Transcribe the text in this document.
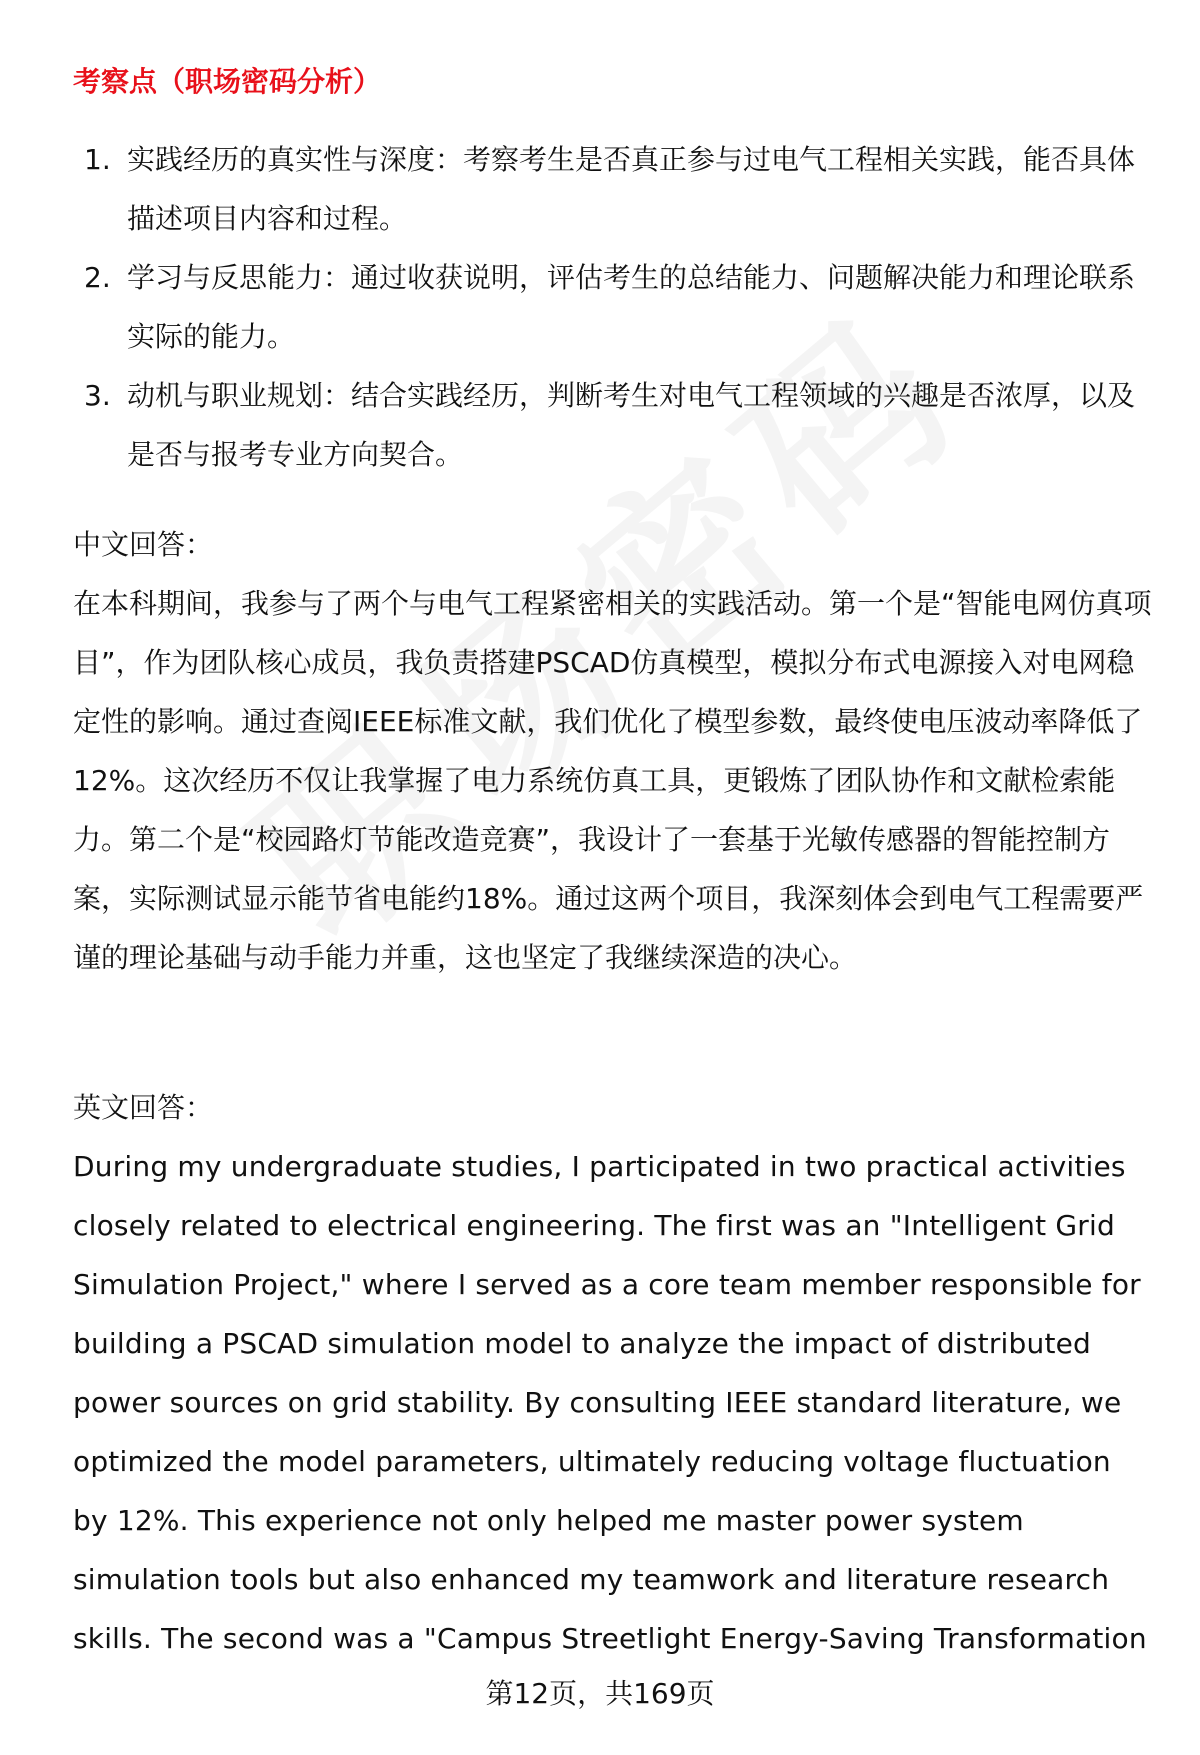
考察点（职场密码分析）
1. 实践经历的真实性与深度：考察考生是否真正参与过电气工程相关实践，能否具体描述项目内容和过程。
2. 学习与反思能力：通过收获说明，评估考生的总结能力、问题解决能力和理论联系实际的能力。
3. 动机与职业规划：结合实践经历，判断考生对电气工程领域的兴趣是否浓厚，以及是否与报考专业方向契合。
中文回答：
在本科期间，我参与了两个与电气工程紧密相关的实践活动。第一个是“智能电网仿真项目”，作为团队核心成员，我负责搭建PSCAD仿真模型，模拟分布式电源接入对电网稳定性的影响。通过查阅IEEE标准文献，我们优化了模型参数，最终使电压波动率降低了12%。这次经历不仅让我掌握了电力系统仿真工具，更锻炼了团队协作和文献检索能力。第二个是“校园路灯节能改造竞赛”，我设计了一套基于光敏传感器的智能控制方案，实际测试显示能节省电能约18%。通过这两个项目，我深刻体会到电气工程需要严谨的理论基础与动手能力并重，这也坚定了我继续深造的决心。
英文回答：
During my undergraduate studies, I participated in two practical activities closely related to electrical engineering. The first was an "Intelligent Grid Simulation Project," where I served as a core team member responsible for building a PSCAD simulation model to analyze the impact of distributed power sources on grid stability. By consulting IEEE standard literature, we optimized the model parameters, ultimately reducing voltage fluctuation by 12%. This experience not only helped me master power system simulation tools but also enhanced my teamwork and literature research skills. The second was a "Campus Streetlight Energy-Saving Transformation
第12页，共169页
